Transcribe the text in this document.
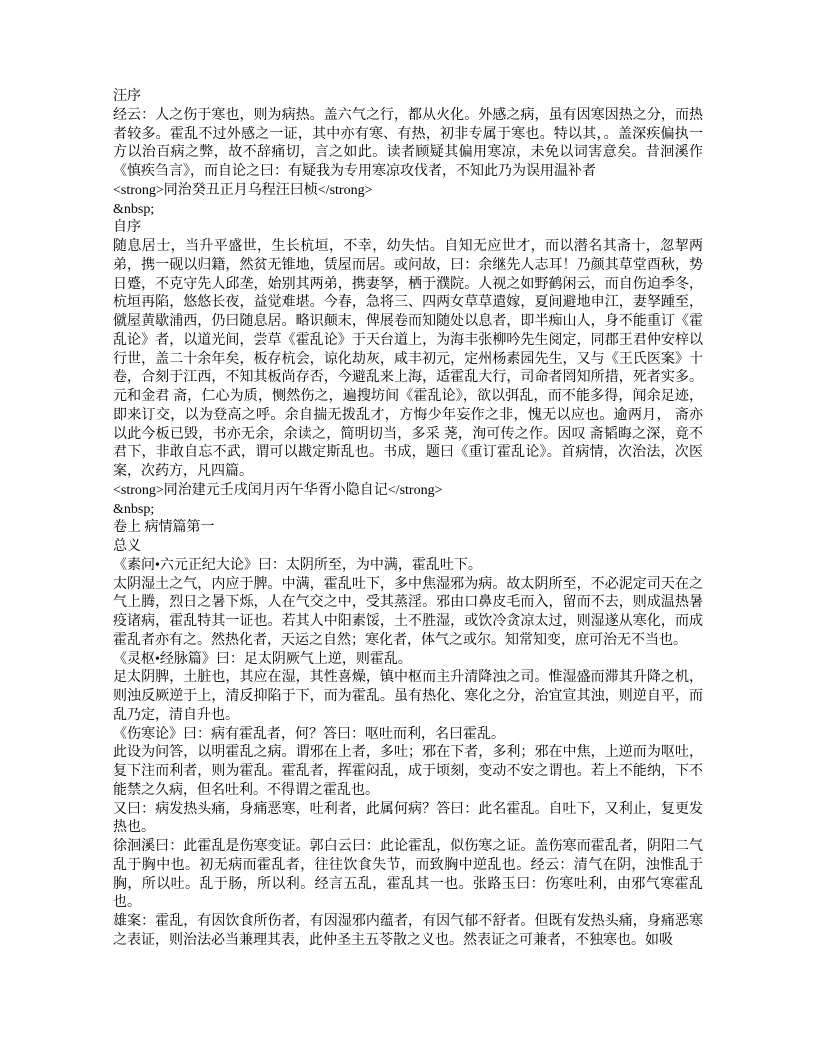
汪序

经云：人之伤于寒也，则为病热。盖六气之行，都从火化。外感之病，虽有因寒因热之分，而热者较多。霍乱不过外感之一证，其中亦有寒、有热，初非专属于寒也。特以其，。盖深疾偏执一方以治百病之弊，故不辞痛切，言之如此。读者顾疑其偏用寒凉，未免以词害意矣。昔洄溪作《慎疾刍言》，而自论之曰：有疑我为专用寒凉攻伐者，不知此乃为误用温补者

<strong>同治癸丑正月乌程汪曰桢</strong>

&nbsp;

自序

随息居士，当升平盛世，生长杭垣，不幸，幼失怙。自知无应世才，而以潜名其斋十，忽挈两弟，携一砚以归籍，然贫无锥地，赁屋而居。或问故，曰：余继先人志耳！乃颜其草堂酉秋，势日蹙，不克守先人邱垄，始别其两弟，携妻孥，栖于濮院。人视之如野鹤闲云，而自伤迫季冬，杭垣再陷，悠悠长夜，益觉难堪。今春，急将三、四两女草草遣嫁，夏间避地申江，妻孥踵至，僦屋黄歇浦西，仍曰随息居。略识颠末，俾展卷而知随处以息者，即半痴山人，身不能重订《霍乱论》者，以道光间，尝草《霍乱论》于天台道上，为海丰张柳吟先生阅定，同郡王君仲安梓以行世，盖二十余年矣，板存杭会，谅化劫灰，咸丰初元，定州杨素园先生，又与《王氏医案》十卷，合刻于江西，不知其板尚存否，今避乱来上海，适霍乱大行，司命者罔知所措，死者实多。元和金君 斋，仁心为质，恻然伤之，遍搜坊间《霍乱论》，欲以弭乱，而不能多得，闻余足迹，即来订交，以为登高之呼。余自揣无拨乱才，方悔少年妄作之非，愧无以应也。逾两月， 斋亦以此今板已毁，书亦无余，余读之，简明切当，多采 荛，洵可传之作。因叹 斋韬晦之深，竟不君下，非敢自忘不武，谓可以戡定斯乱也。书成，题曰《重订霍乱论》。首病情，次治法，次医案，次药方，凡四篇。

<strong>同治建元壬戌闰月丙午华胥小隐自记</strong>

&nbsp;

卷上 病情篇第一

总义

《素问•六元正纪大论》曰：太阴所至，为中满，霍乱吐下。

太阴湿土之气，内应于脾。中满，霍乱吐下，多中焦湿邪为病。故太阴所至，不必泥定司天在之气上腾，烈日之暑下烁，人在气交之中，受其蒸淫。邪由口鼻皮毛而入，留而不去，则成温热暑疫诸病，霍乱特其一证也。若其人中阳素馁，土不胜湿，或饮冷贪凉太过，则湿遂从寒化，而成霍乱者亦有之。然热化者，天运之自然；寒化者，体气之或尔。知常知变，庶可治无不当也。

《灵枢•经脉篇》曰：足太阴厥气上逆，则霍乱。

足太阴脾，土脏也，其应在湿，其性喜燥，镇中枢而主升清降浊之司。惟湿盛而滞其升降之机，则浊反厥逆于上，清反抑陷于下，而为霍乱。虽有热化、寒化之分，治宜宣其浊，则逆自平，而乱乃定，清自升也。

《伤寒论》曰：病有霍乱者，何？答曰：呕吐而利，名曰霍乱。

此设为问答，以明霍乱之病。谓邪在上者，多吐；邪在下者，多利；邪在中焦，上逆而为呕吐，复下注而利者，则为霍乱。霍乱者，挥霍闷乱，成于顷刻，变动不安之谓也。若上不能纳，下不能禁之久病，但名吐利。不得谓之霍乱也。

又曰：病发热头痛，身痛恶寒，吐利者，此属何病？答曰：此名霍乱。自吐下，又利止，复更发热也。

徐洄溪曰：此霍乱是伤寒变证。郭白云曰：此论霍乱，似伤寒之证。盖伤寒而霍乱者，阴阳二气乱于胸中也。初无病而霍乱者，往往饮食失节，而致胸中逆乱也。经云：清气在阴，浊惟乱于胸，所以吐。乱于肠，所以利。经言五乱，霍乱其一也。张路玉曰：伤寒吐利，由邪气寒霍乱也。

雄案：霍乱，有因饮食所伤者，有因湿邪内蕴者，有因气郁不舒者。但既有发热头痛，身痛恶寒之表证，则治法必当兼理其表，此仲圣主五苓散之义也。然表证之可兼者，不独寒也。如吸
